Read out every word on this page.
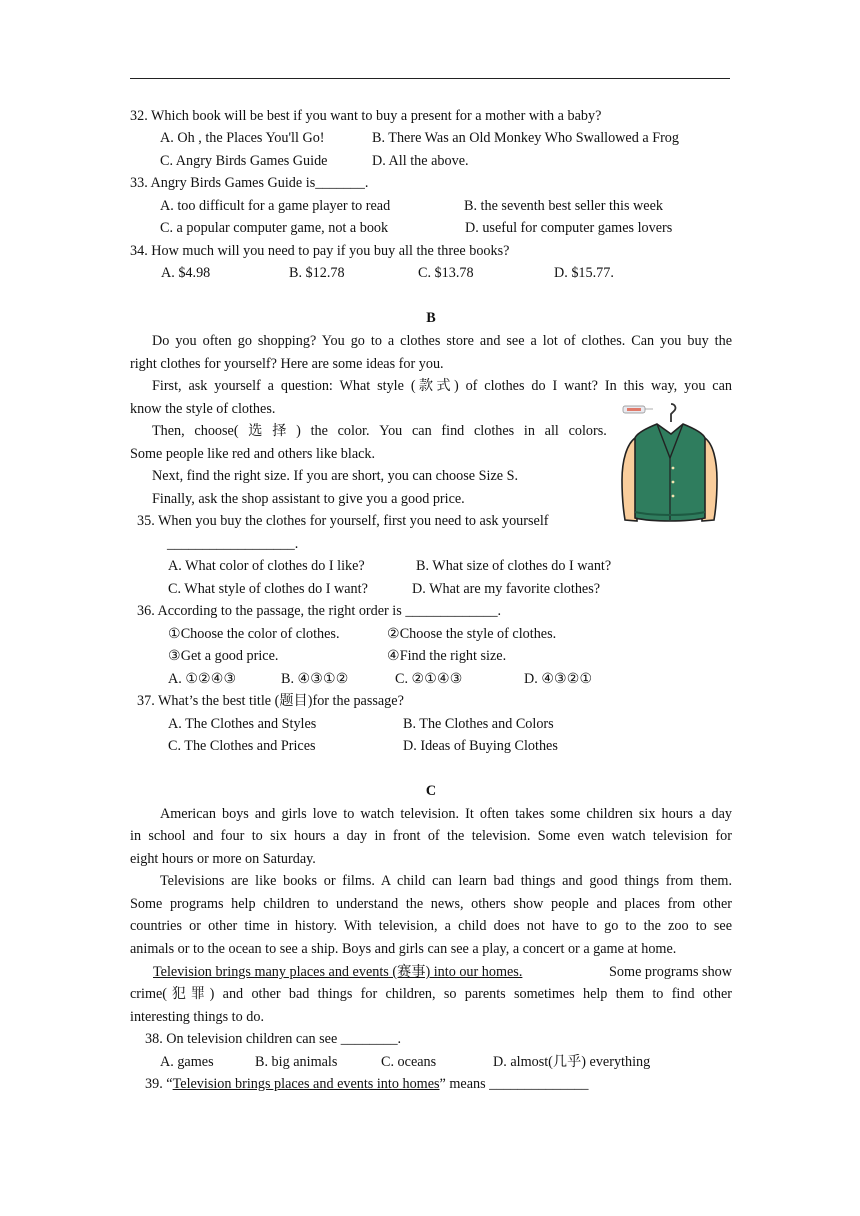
32. Which book will be best if you want to buy a present for a mother with a baby?
A. Oh , the Places You'll Go!	B. There Was an Old Monkey Who Swallowed a Frog
C. Angry Birds Games Guide	D. All the above.
33. Angry Birds Games Guide is_______.
A. too difficult for a game player to read	B. the seventh best seller this week
C. a popular computer game, not a book	D. useful for computer games lovers
34. How much will you need to pay if you buy all the three books?
A. $4.98	B. $12.78	C. $13.78	D. $15.77.
B
Do you often go shopping? You go to a clothes store and see a lot of clothes. Can you buy the
right clothes for yourself? Here are some ideas for you.
First, ask yourself a question: What style (款式) of clothes do I want? In this way, you can
know the style of clothes.
Then, choose( 选 择 ) the color. You can find clothes in all colors.
Some people like red and others like black.
Next, find the right size. If you are short, you can choose Size S.
Finally, ask the shop assistant to give you a good price.
35. When you buy the clothes for yourself, first you need to ask yourself
__________________.
A. What color of clothes do I like?	B. What size of clothes do I want?
C. What style of clothes do I want?	D. What are my favorite clothes?
36. According to the passage, the right order is _____________.
①Choose the color of clothes.	②Choose the style of clothes.
③Get a good price.	④Find the right size.
A. ①②④③	B. ④③①②	C. ②①④③	D. ④③②①
37. What’s the best title (题目)for the passage?
A. The Clothes and Styles	B. The Clothes and Colors
C. The Clothes and Prices	D. Ideas of Buying Clothes
C
American boys and girls love to watch television. It often takes some children six hours a day
in school and four to six hours a day in front of the television. Some even watch television for
eight hours or more on Saturday.
Televisions are like books or films. A child can learn bad things and good things from them.
Some programs help children to understand the news, others show people and places from other
countries or other time in history. With television, a child does not have to go to the zoo to see
animals or to the ocean to see a ship. Boys and girls can see a play, a concert or a game at home.
Television brings many places and events (赛事) into our homes.	Some programs show
crime(犯罪) and other bad things for children, so parents sometimes help them to find other
interesting things to do.
38. On television children can see ________.
A. games	B. big animals	C. oceans	D. almost(几乎) everything
39. “Television brings places and events into homes” means ______________
